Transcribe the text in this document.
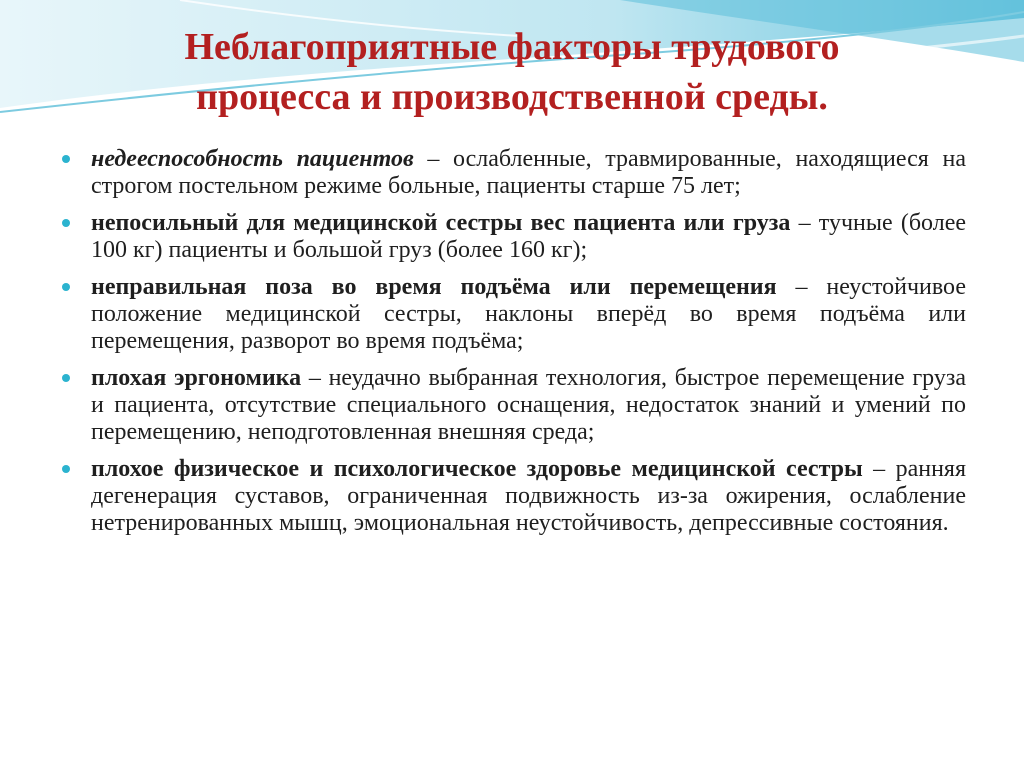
Неблагоприятные факторы трудового
процесса и производственной среды.
недееспособность пациентов – ослабленные, травмированные, находящиеся на строгом постельном режиме больные, пациенты старше 75 лет;
непосильный для медицинской сестры вес пациента или груза – тучные (более 100 кг) пациенты и большой груз (более 160 кг);
неправильная поза во время подъёма или перемещения – неустойчивое положение медицинской сестры, наклоны вперёд во время подъёма или перемещения, разворот во время подъёма;
плохая эргономика – неудачно выбранная технология, быстрое перемещение груза и пациента, отсутствие специального оснащения, недостаток знаний и умений по перемещению, неподготовленная внешняя среда;
плохое физическое и психологическое здоровье медицинской сестры – ранняя дегенерация суставов, ограниченная подвижность из-за ожирения, ослабление нетренированных мышц, эмоциональная неустойчивость, депрессивные состояния.
